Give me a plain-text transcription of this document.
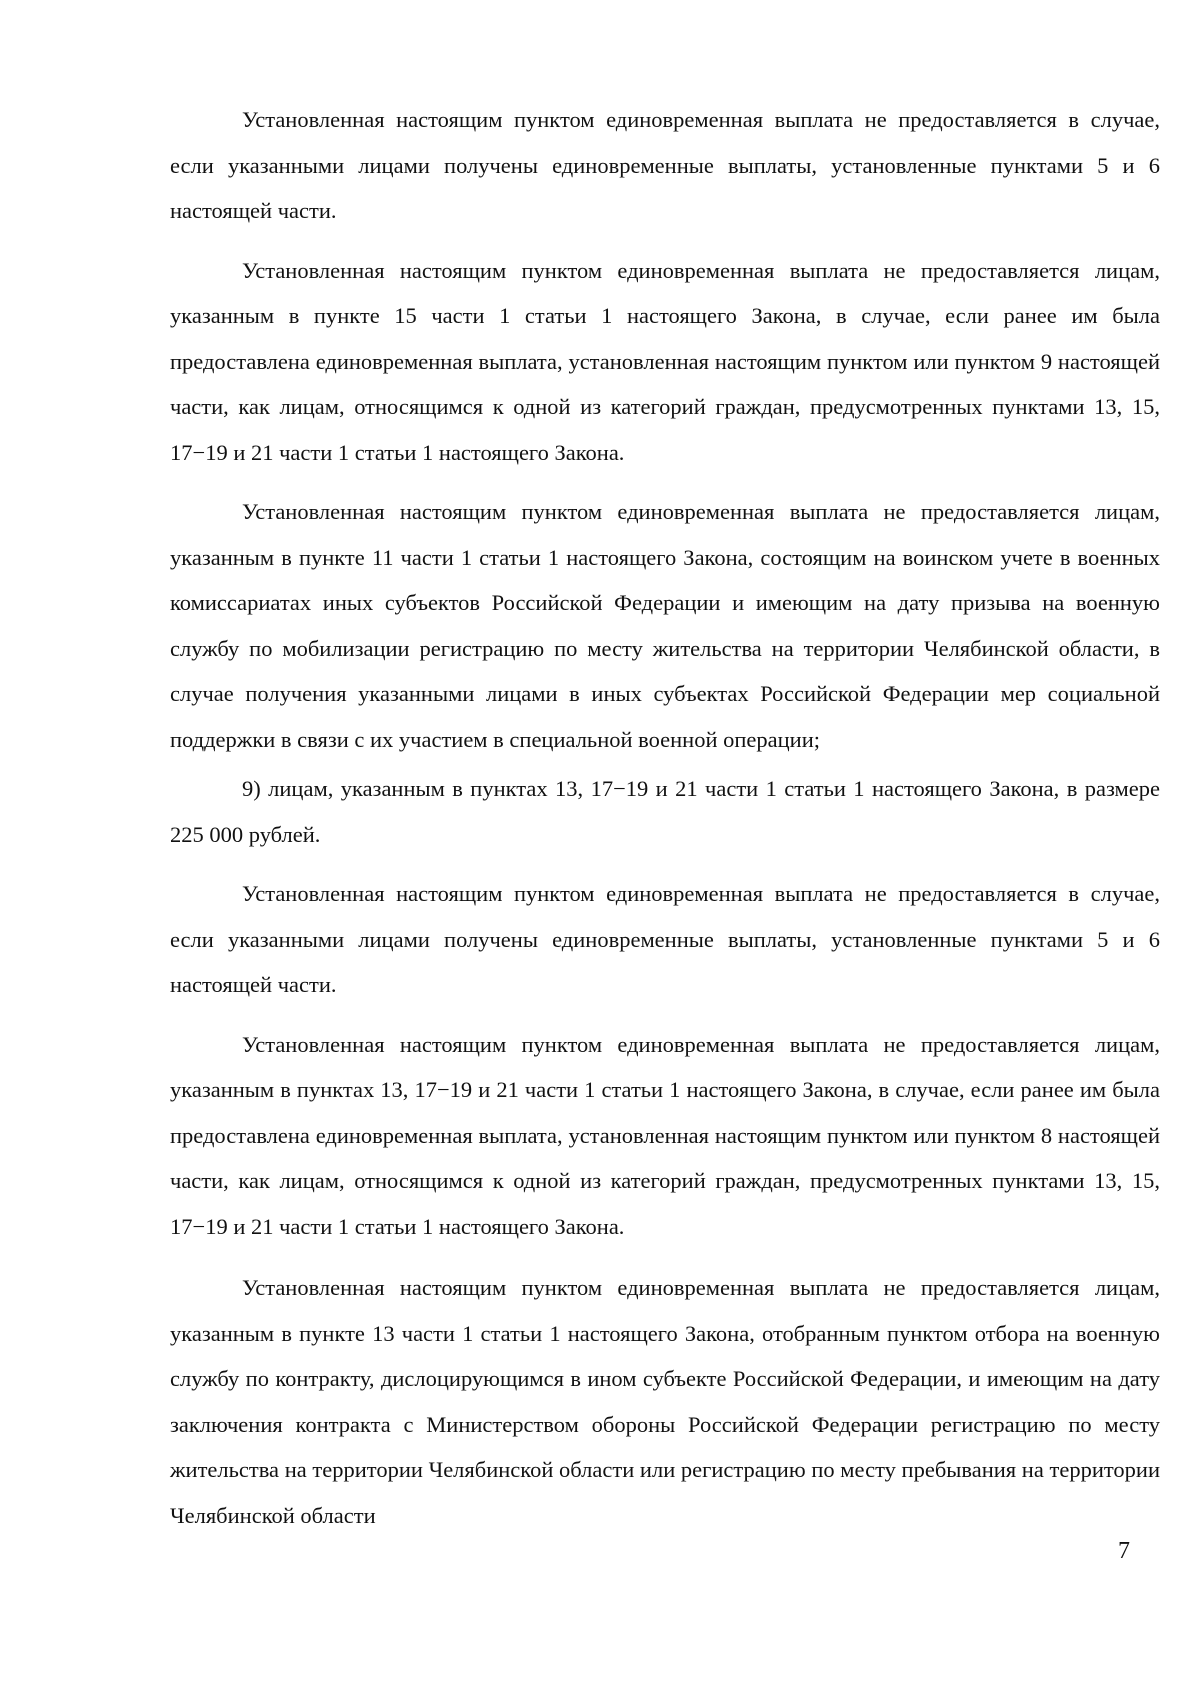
Установленная настоящим пунктом единовременная выплата не предоставляется в случае, если указанными лицами получены единовременные выплаты, установленные пунктами 5 и 6 настоящей части.

Установленная настоящим пунктом единовременная выплата не предоставляется лицам, указанным в пункте 15 части 1 статьи 1 настоящего Закона, в случае, если ранее им была предоставлена единовременная выплата, установленная настоящим пунктом или пунктом 9 настоящей части, как лицам, относящимся к одной из категорий граждан, предусмотренных пунктами 13, 15, 17−19 и 21 части 1 статьи 1 настоящего Закона.

Установленная настоящим пунктом единовременная выплата не предоставляется лицам, указанным в пункте 11 части 1 статьи 1 настоящего Закона, состоящим на воинском учете в военных комиссариатах иных субъектов Российской Федерации и имеющим на дату призыва на военную службу по мобилизации регистрацию по месту жительства на территории Челябинской области, в случае получения указанными лицами в иных субъектах Российской Федерации мер социальной поддержки в связи с их участием в специальной военной операции;

9) лицам, указанным в пунктах 13, 17−19 и 21 части 1 статьи 1 настоящего Закона, в размере 225 000 рублей.

Установленная настоящим пунктом единовременная выплата не предоставляется в случае, если указанными лицами получены единовременные выплаты, установленные пунктами 5 и 6 настоящей части.

Установленная настоящим пунктом единовременная выплата не предоставляется лицам, указанным в пунктах 13, 17−19 и 21 части 1 статьи 1 настоящего Закона, в случае, если ранее им была предоставлена единовременная выплата, установленная настоящим пунктом или пунктом 8 настоящей части, как лицам, относящимся к одной из категорий граждан, предусмотренных пунктами 13, 15, 17−19 и 21 части 1 статьи 1 настоящего Закона.

Установленная настоящим пунктом единовременная выплата не предоставляется лицам, указанным в пункте 13 части 1 статьи 1 настоящего Закона, отобранным пунктом отбора на военную службу по контракту, дислоцирующимся в ином субъекте Российской Федерации, и имеющим на дату заключения контракта с Министерством обороны Российской Федерации регистрацию по месту жительства на территории Челябинской области или регистрацию по месту пребывания на территории Челябинской области

7
